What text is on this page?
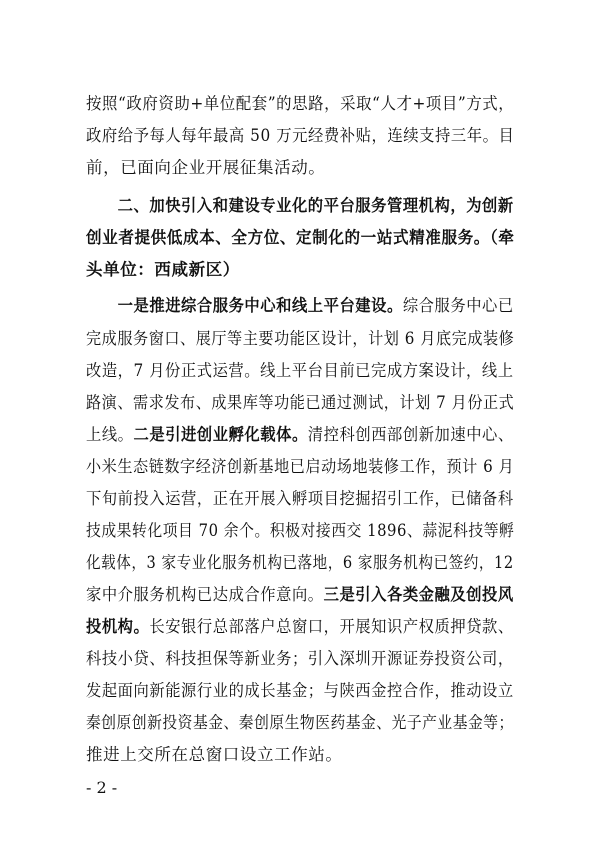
按照“政府资助+单位配套”的思路，采取“人才+项目”方式，
政府给予每人每年最高 50 万元经费补贴，连续支持三年。目
前，已面向企业开展征集活动。
　　二、加快引入和建设专业化的平台服务管理机构，为创新
创业者提供低成本、全方位、定制化的一站式精准服务。（牵
头单位：西咸新区）
　　一是推进综合服务中心和线上平台建设。综合服务中心已
完成服务窗口、展厅等主要功能区设计，计划 6 月底完成装修
改造，7 月份正式运营。线上平台目前已完成方案设计，线上
路演、需求发布、成果库等功能已通过测试，计划 7 月份正式
上线。二是引进创业孵化载体。清控科创西部创新加速中心、
小米生态链数字经济创新基地已启动场地装修工作，预计 6 月
下旬前投入运营，正在开展入孵项目挖掘招引工作，已储备科
技成果转化项目 70 余个。积极对接西交 1896、蒜泥科技等孵
化载体，3 家专业化服务机构已落地，6 家服务机构已签约，12
家中介服务机构已达成合作意向。三是引入各类金融及创投风
投机构。长安银行总部落户总窗口，开展知识产权质押贷款、
科技小贷、科技担保等新业务；引入深圳开源证券投资公司，
发起面向新能源行业的成长基金；与陕西金控合作，推动设立
秦创原创新投资基金、秦创原生物医药基金、光子产业基金等；
推进上交所在总窗口设立工作站。
- 2 -
